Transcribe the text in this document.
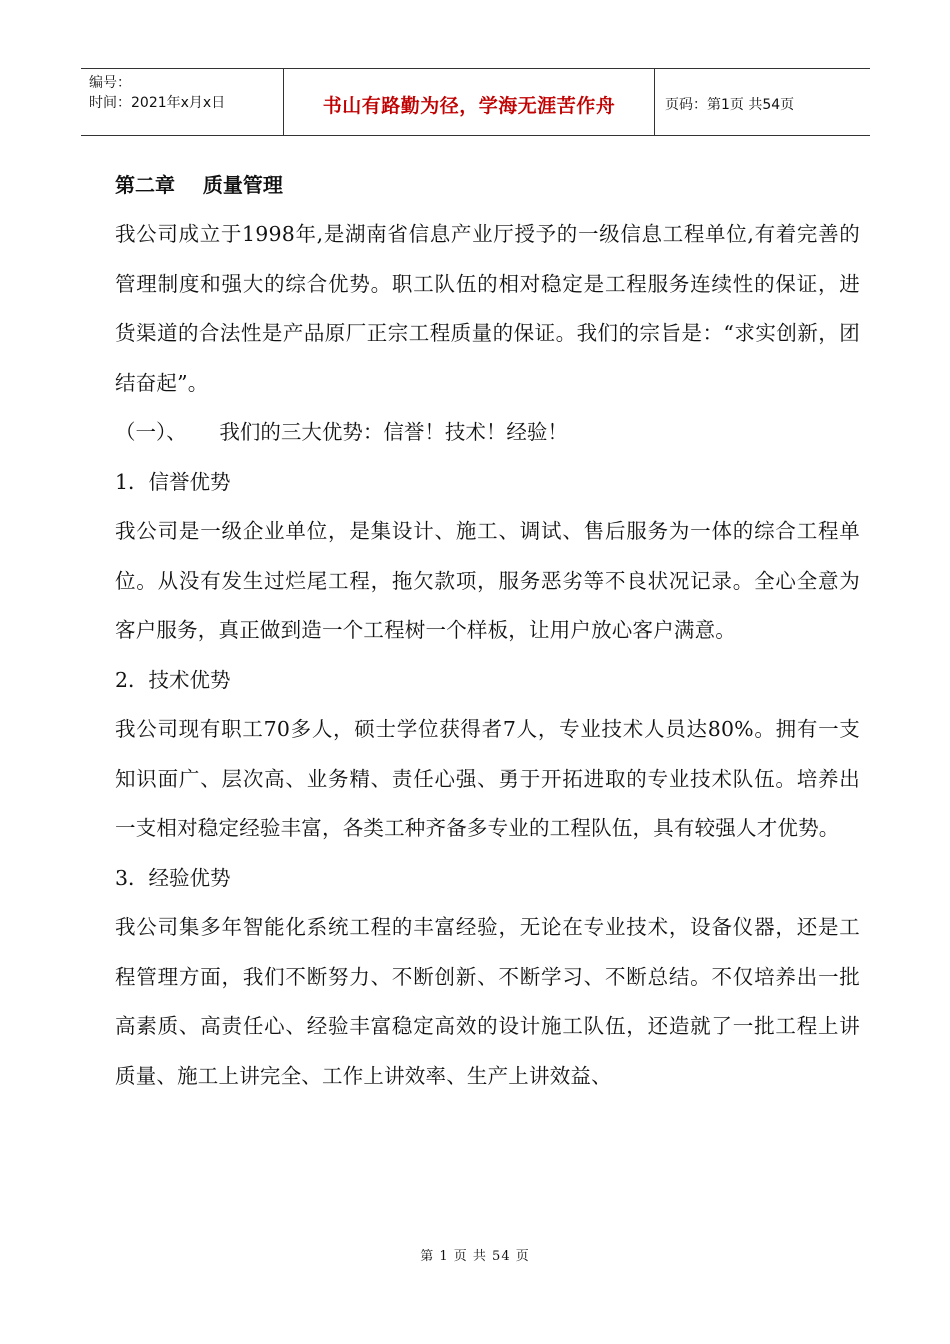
编号：
时间：2021年x月x日	书山有路勤为径，学海无涯苦作舟	页码：第1页 共54页
第二章    质量管理

我公司成立于1998年,是湖南省信息产业厅授予的一级信息工程单位,有着完善的管理制度和强大的综合优势。职工队伍的相对稳定是工程服务连续性的保证，进货渠道的合法性是产品原厂正宗工程质量的保证。我们的宗旨是：“求实创新，团结奋起”。

（一）、     我们的三大优势：信誉！技术！经验！

1．信誉优势

我公司是一级企业单位，是集设计、施工、调试、售后服务为一体的综合工程单位。从没有发生过烂尾工程，拖欠款项，服务恶劣等不良状况记录。全心全意为客户服务，真正做到造一个工程树一个样板，让用户放心客户满意。

2．技术优势

我公司现有职工70多人，硕士学位获得者7人，专业技术人员达80%。拥有一支知识面广、层次高、业务精、责任心强、勇于开拓进取的专业技术队伍。培养出一支相对稳定经验丰富，各类工种齐备多专业的工程队伍，具有较强人才优势。

3．经验优势

我公司集多年智能化系统工程的丰富经验，无论在专业技术，设备仪器，还是工程管理方面，我们不断努力、不断创新、不断学习、不断总结。不仅培养出一批高素质、高责任心、经验丰富稳定高效的设计施工队伍，还造就了一批工程上讲质量、施工上讲完全、工作上讲效率、生产上讲效益、

第 1 页 共 54 页
